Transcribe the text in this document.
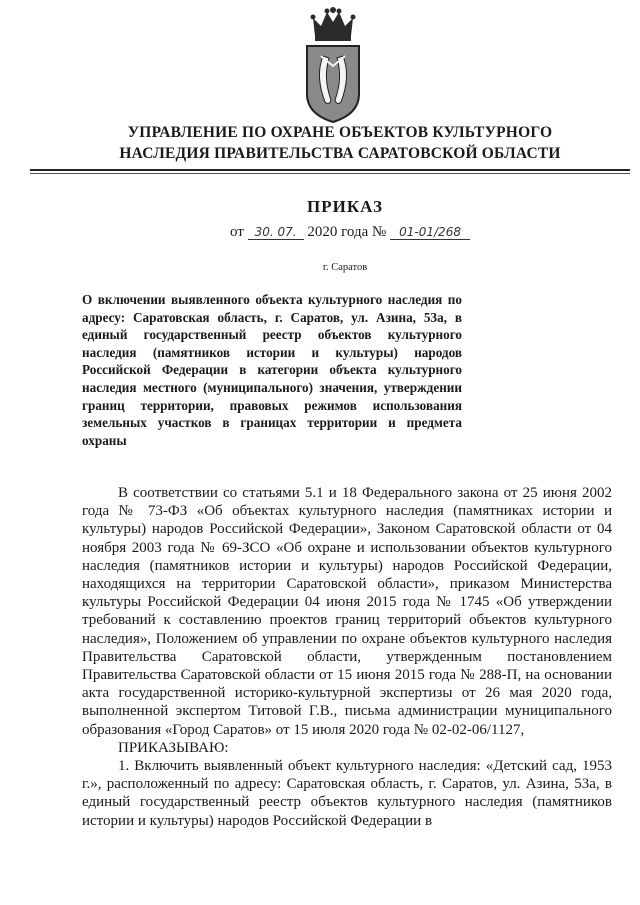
УПРАВЛЕНИЕ ПО ОХРАНЕ ОБЪЕКТОВ КУЛЬТУРНОГО
НАСЛЕДИЯ ПРАВИТЕЛЬСТВА САРАТОВСКОЙ ОБЛАСТИ
ПРИКАЗ
от 30. 07. 2020 года № 01-01/268
г. Саратов
О включении выявленного объекта культурного наследия по адресу: Саратовская область, г. Саратов, ул. Азина, 53а, в единый государственный реестр объектов культурного наследия (памятников истории и культуры) народов Российской Федерации в категории объекта культурного наследия местного (муниципального) значения, утверждении границ территории, правовых режимов использования земельных участков в границах территории и предмета охраны

В соответствии со статьями 5.1 и 18 Федерального закона от 25 июня 2002 года № 73-ФЗ «Об объектах культурного наследия (памятниках истории и культуры) народов Российской Федерации», Законом Саратовской области от 04 ноября 2003 года № 69-ЗСО «Об охране и использовании объектов культурного наследия (памятников истории и культуры) народов Российской Федерации, находящихся на территории Саратовской области», приказом Министерства культуры Российской Федерации 04 июня 2015 года № 1745 «Об утверждении требований к составлению проектов границ территорий объектов культурного наследия», Положением об управлении по охране объектов культурного наследия Правительства Саратовской области, утвержденным постановлением Правительства Саратовской области от 15 июня 2015 года № 288-П, на основании акта государственной историко-культурной экспертизы от 26 мая 2020 года, выполненной экспертом Титовой Г.В., письма администрации муниципального образования «Город Саратов» от 15 июля 2020 года № 02-02-06/1127,

ПРИКАЗЫВАЮ:

1. Включить выявленный объект культурного наследия: «Детский сад, 1953 г.», расположенный по адресу: Саратовская область, г. Саратов, ул. Азина, 53а, в единый государственный реестр объектов культурного наследия (памятников истории и культуры) народов Российской Федерации в
